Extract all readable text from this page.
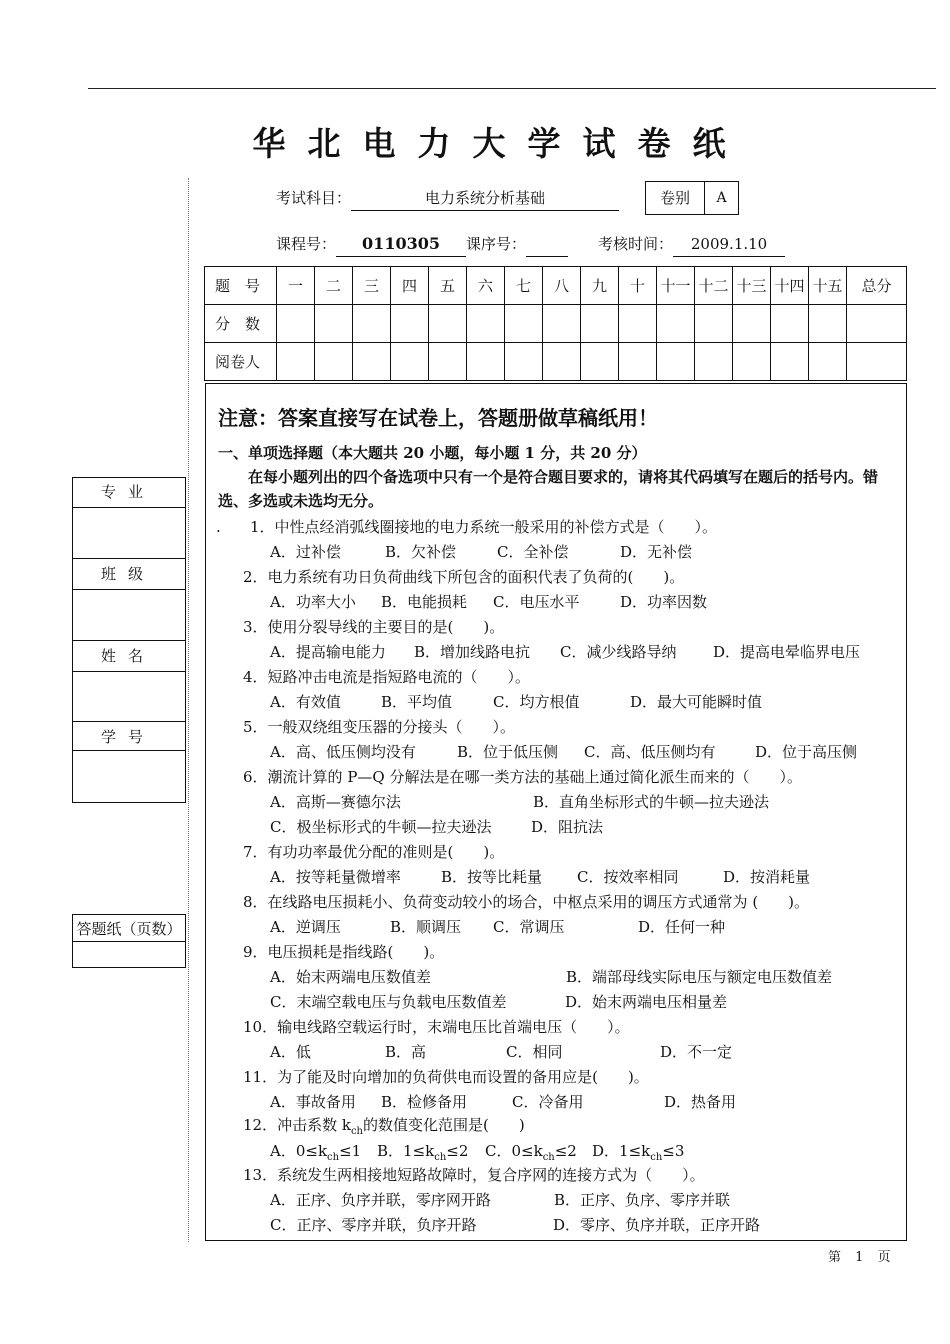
华北电力大学试卷纸
考试科目：	电力系统分析基础	卷别	A
课程号： 0110305 课序号：	考核时间： 2009.1.10
题　号	一	二	三	四	五	六	七	八	九	十	十一	十二	十三	十四	十五	总分
分　数																
阅卷人																
注意：答案直接写在试卷上，答题册做草稿纸用！
一、单项选择题（本大题共 20 小题，每小题 1 分，共 20 分）
在每小题列出的四个备选项中只有一个是符合题目要求的，请将其代码填写在题后的括号内。错选、多选或未选均无分。
. 1．中性点经消弧线圈接地的电力系统一般采用的补偿方式是（　　）。
A．过补偿	B．欠补偿	C．全补偿	D．无补偿
2．电力系统有功日负荷曲线下所包含的面积代表了负荷的(　　)。
A．功率大小 B．电能损耗 C．电压水平	D．功率因数
3．使用分裂导线的主要目的是(　　)。
A．提高输电能力 B．增加线路电抗 C．减少线路导纳 D．提高电晕临界电压
4．短路冲击电流是指短路电流的（　　）。
A．有效值	B．平均值	C．均方根值	D．最大可能瞬时值
5．一般双绕组变压器的分接头（　　）。
A．高、低压侧均没有	B．位于低压侧 C．高、低压侧均有	D．位于高压侧
6．潮流计算的 P—Q 分解法是在哪一类方法的基础上通过简化派生而来的（　　）。
A．高斯—赛德尔法	B．直角坐标形式的牛顿—拉夫逊法
C．极坐标形式的牛顿—拉夫逊法	D．阻抗法
7．有功功率最优分配的准则是(　　)。
A．按等耗量微增率	B．按等比耗量 C．按效率相同	D．按消耗量
8．在线路电压损耗小、负荷变动较小的场合，中枢点采用的调压方式通常为 (　　)。
A．逆调压	B．顺调压 C．常调压	D．任何一种
9．电压损耗是指线路(　　)。
A．始末两端电压数值差	B．端部母线实际电压与额定电压数值差
C．末端空载电压与负载电压数值差	D．始末两端电压相量差
10．输电线路空载运行时，末端电压比首端电压（　　）。
A．低	B．高	C．相同	D．不一定
11．为了能及时向增加的负荷供电而设置的备用应是(　　)。
A．事故备用 B．检修备用	C．冷备用	D．热备用
12．冲击系数 $k_{ch}$的数值变化范围是(　　)
A．$0\le k_{ch}\le 1$ B．$1\le k_{ch}\le 2$ C．$0\le k_{ch}\le 2$ D．$1\le k_{ch}\le 3$
13．系统发生两相接地短路故障时，复合序网的连接方式为（　　）。
A．正序、负序并联，零序网开路	B．正序、负序、零序并联
C．正序、零序并联，负序开路	D．零序、负序并联，正序开路
专业
班级
姓名
学号
答题纸（页数）
第 1 页
